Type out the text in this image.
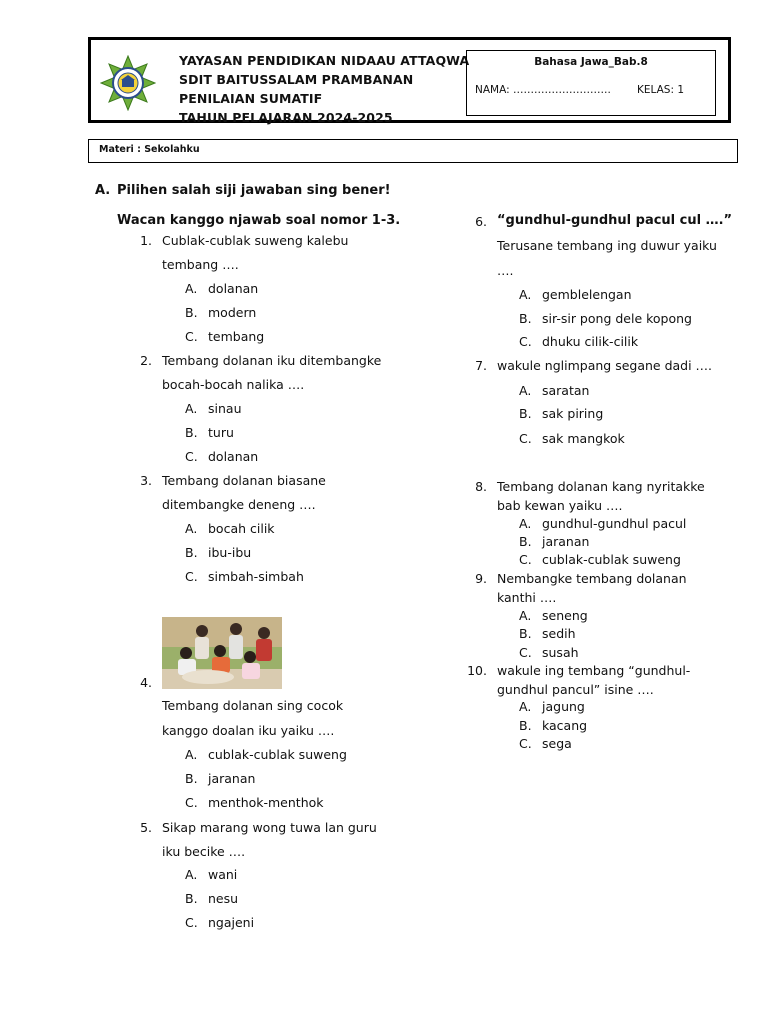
YAYASAN PENDIDIKAN NIDAAU ATTAQWA
SDIT BAITUSSALAM PRAMBANAN
PENILAIAN SUMATIF
TAHUN PELAJARAN 2024-2025
Bahasa Jawa_Bab.8
NAMA: ………………………. KELAS: 1
Materi : Sekolahku
A. Pilihen salah siji jawaban sing bener!
Wacan kanggo njawab soal nomor 1-3.
1. Cublak-cublak suweng kalebu
tembang ….
A. dolanan
B. modern
C. tembang
2. Tembang dolanan iku ditembangke
bocah-bocah nalika ….
A. sinau
B. turu
C. dolanan
3. Tembang dolanan biasane
ditembangke deneng ….
A. bocah cilik
B. ibu-ibu
C. simbah-simbah
4.
Tembang dolanan sing cocok
kanggo doalan iku yaiku ….
A. cublak-cublak suweng
B. jaranan
C. menthok-menthok
5. Sikap marang wong tuwa lan guru
iku becike ….
A. wani
B. nesu
C. ngajeni
6. “gundhul-gundhul pacul cul ….”
Terusane tembang ing duwur yaiku
….
A. gemblelengan
B. sir-sir pong dele kopong
C. dhuku cilik-cilik
7. wakule nglimpang segane dadi ….
A. saratan
B. sak piring
C. sak mangkok
8. Tembang dolanan kang nyritakke
bab kewan yaiku ….
A. gundhul-gundhul pacul
B. jaranan
C. cublak-cublak suweng
9. Nembangke tembang dolanan
kanthi ….
A. seneng
B. sedih
C. susah
10. wakule ing tembang “gundhul-
gundhul pancul” isine ….
A. jagung
B. kacang
C. sega
